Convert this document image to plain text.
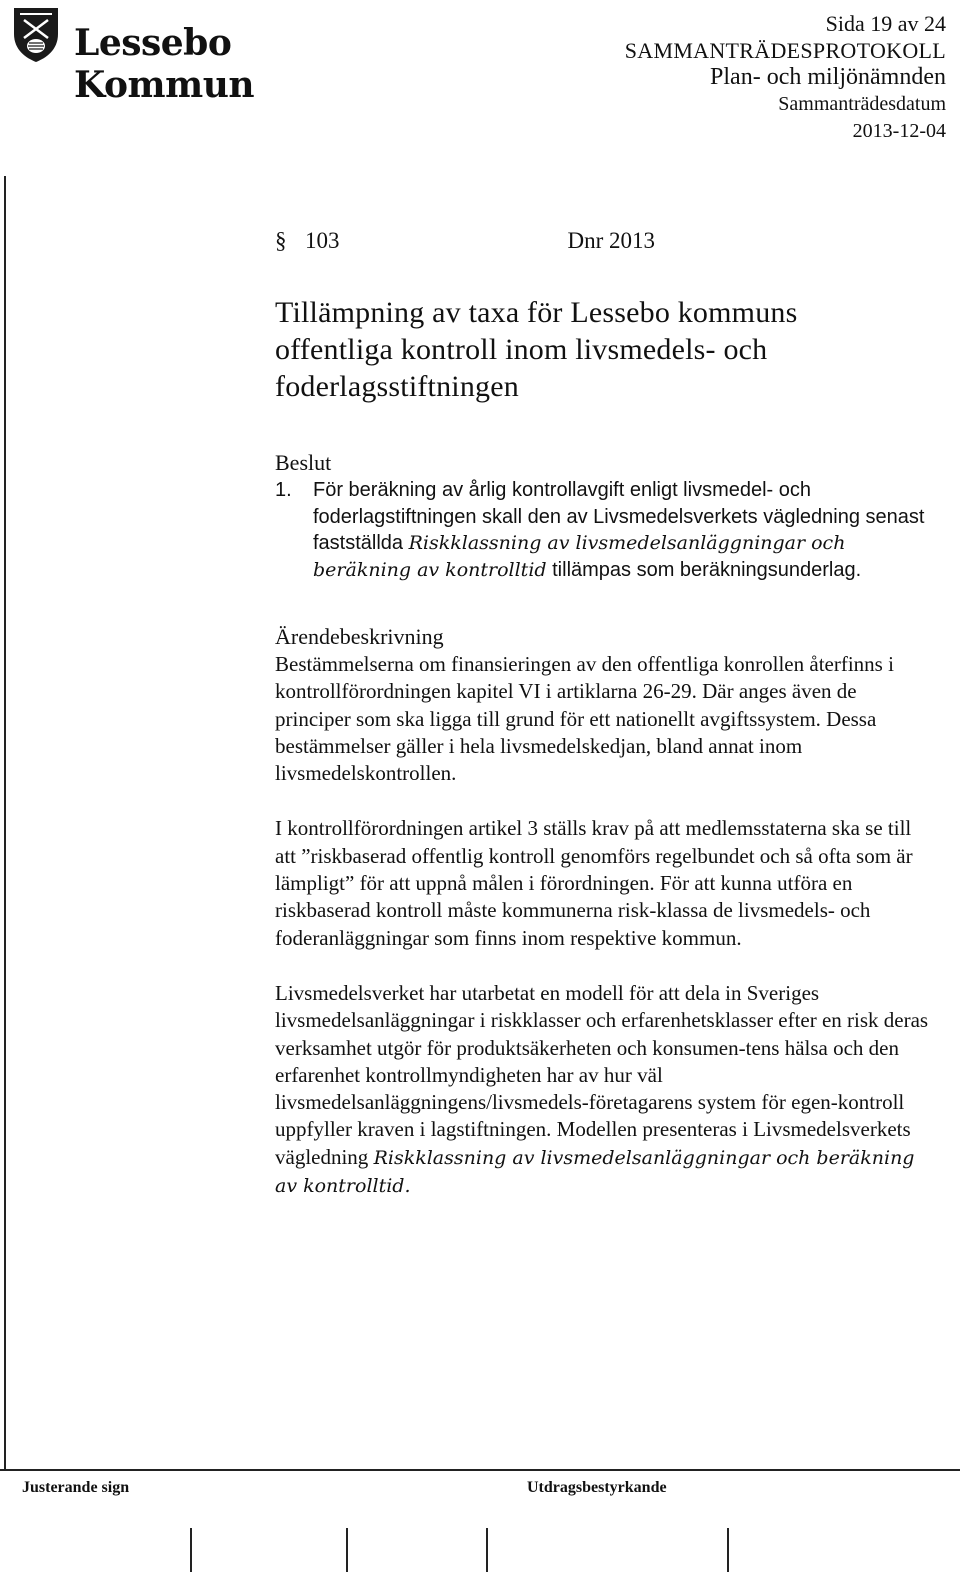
Lessebo Kommun
Sida 19 av 24
SAMMANTRÄDESPROTOKOLL
Plan- och miljönämnden
Sammanträdesdatum
2013-12-04
§ 103	Dnr 2013
Tillämpning av taxa för Lessebo kommuns
offentliga kontroll inom livsmedels- och
foderlagsstiftningen
Beslut
1.	För beräkning av årlig kontrollavgift enligt livsmedel- och foderlagstiftningen skall den av Livsmedelsverkets vägledning senast fastställda Riskklassning av livsmedelsanläggningar och beräkning av kontrolltid tillämpas som beräkningsunderlag.
Ärendebeskrivning

Bestämmelserna om finansieringen av den offentliga konrollen återfinns i kontrollförordningen kapitel VI i artiklarna 26-29. Där anges även de principer som ska ligga till grund för ett nationellt avgiftssystem. Dessa bestämmelser gäller i hela livsmedelskedjan, bland annat inom livsmedelskontrollen.

I kontrollförordningen artikel 3 ställs krav på att medlemsstaterna ska se till att ”riskbaserad offentlig kontroll genomförs regelbundet och så ofta som är lämpligt” för att uppnå målen i förordningen. För att kunna utföra en riskbaserad kontroll måste kommunerna risk-klassa de livsmedels- och foderanläggningar som finns inom respektive kommun.

Livsmedelsverket har utarbetat en modell för att dela in Sveriges livsmedelsanläggningar i riskklasser och erfarenhetsklasser efter en risk deras verksamhet utgör för produktsäkerheten och konsumen-tens hälsa och den erfarenhet kontrollmyndigheten har av hur väl livsmedelsanläggningens/livsmedels-företagarens system för egen-kontroll uppfyller kraven i lagstiftningen. Modellen presenteras i Livsmedelsverkets vägledning Riskklassning av livsmedelsanläggningar och beräkning av kontrolltid.

Justerande sign	Utdragsbestyrkande
